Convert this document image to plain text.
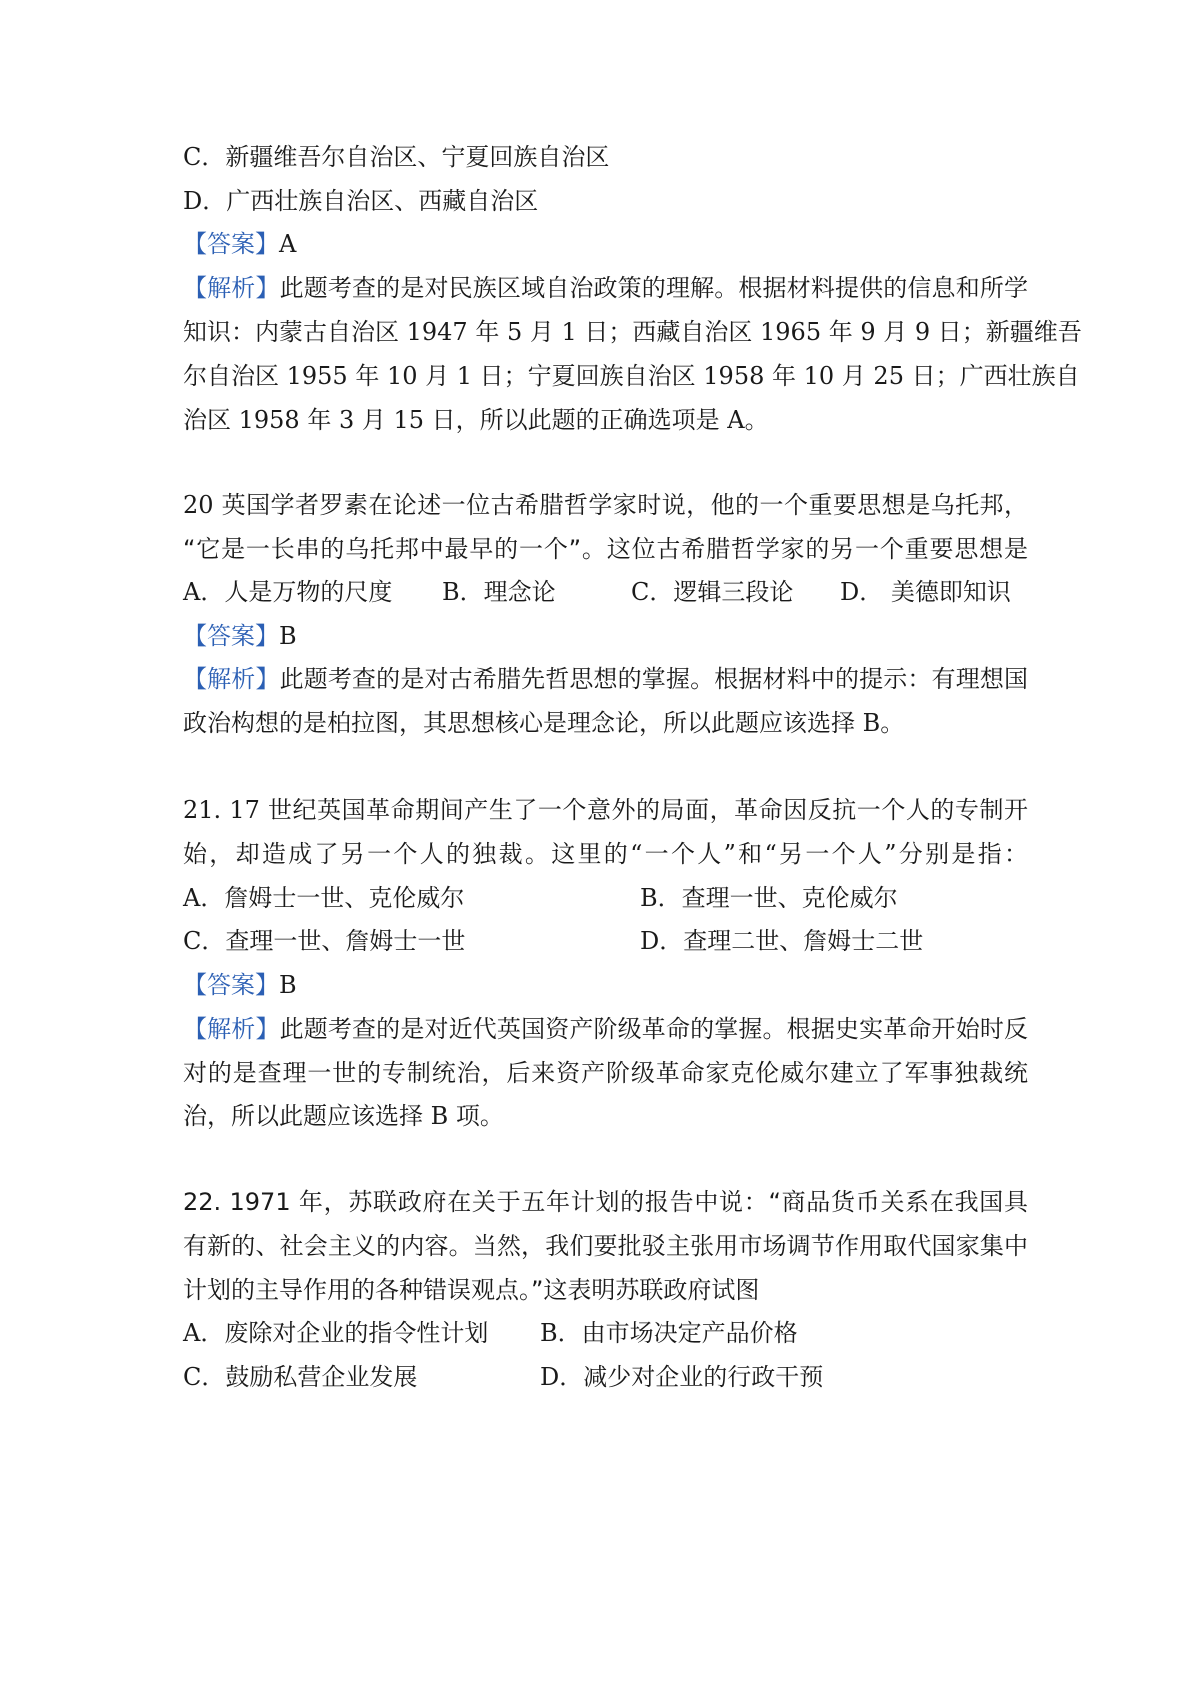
C．新疆维吾尔自治区、宁夏回族自治区
D．广西壮族自治区、西藏自治区
【答案】A
【解析】此题考查的是对民族区域自治政策的理解。根据材料提供的信息和所学
知识：内蒙古自治区 1947 年 5 月 1 日；西藏自治区 1965 年 9 月 9 日；新疆维吾
尔自治区 1955 年 10 月 1 日；宁夏回族自治区 1958 年 10 月 25 日；广西壮族自
治区 1958 年 3 月 15 日，所以此题的正确选项是 A。
20 英国学者罗素在论述一位古希腊哲学家时说，他的一个重要思想是乌托邦，
“它是一长串的乌托邦中最早的一个”。这位古希腊哲学家的另一个重要思想是
A．人是万物的尺度 B．理念论	C．逻辑三段论 D． 美德即知识
【答案】B
【解析】此题考查的是对古希腊先哲思想的掌握。根据材料中的提示：有理想国
政治构想的是柏拉图，其思想核心是理念论，所以此题应该选择 B。
21. 17 世纪英国革命期间产生了一个意外的局面，革命因反抗一个人的专制开
始，却造成了另一个人的独裁。这里的“一个人”和“另一个人”分别是指：
A．詹姆士一世、克伦威尔	B．查理一世、克伦威尔
C．查理一世、詹姆士一世	D．查理二世、詹姆士二世
【答案】B
【解析】此题考查的是对近代英国资产阶级革命的掌握。根据史实革命开始时反
对的是查理一世的专制统治，后来资产阶级革命家克伦威尔建立了军事独裁统
治，所以此题应该选择 B 项。
22. 1971 年，苏联政府在关于五年计划的报告中说：“商品货币关系在我国具
有新的、社会主义的内容。当然，我们要批驳主张用市场调节作用取代国家集中
计划的主导作用的各种错误观点。”这表明苏联政府试图
A．废除对企业的指令性计划 B．由市场决定产品价格
C．鼓励私营企业发展	D．减少对企业的行政干预
